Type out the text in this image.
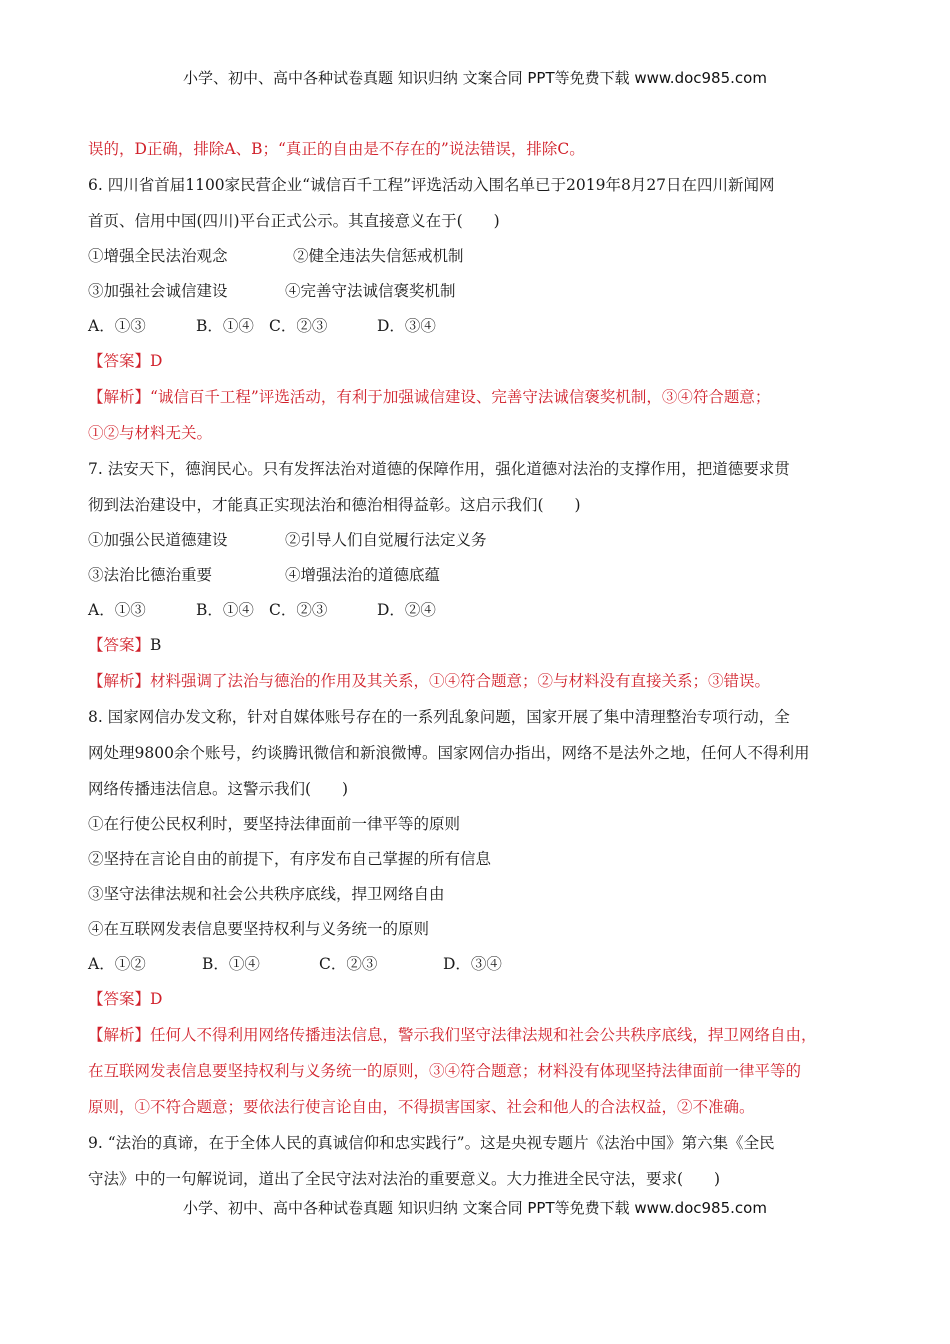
小学、初中、高中各种试卷真题 知识归纳 文案合同 PPT等免费下载 www.doc985.com
误的，D正确，排除A、B；“真正的自由是不存在的”说法错误，排除C。
6. 四川省首届1100家民营企业“诚信百千工程”评选活动入围名单已于2019年8月27日在四川新闻网
首页、信用中国(四川)平台正式公示。其直接意义在于(　　)
①增强全民法治观念	②健全违法失信惩戒机制
③加强社会诚信建设	④完善守法诚信褒奖机制
A．①③	B．①④ C．②③	D．③④
【答案】D
【解析】“诚信百千工程”评选活动，有利于加强诚信建设、完善守法诚信褒奖机制，③④符合题意；
①②与材料无关。
7. 法安天下，德润民心。只有发挥法治对道德的保障作用，强化道德对法治的支撑作用，把道德要求贯
彻到法治建设中，才能真正实现法治和德治相得益彰。这启示我们(　　)
①加强公民道德建设	②引导人们自觉履行法定义务
③法治比德治重要	④增强法治的道德底蕴
A．①③	B．①④ C．②③	D．②④
【答案】B
【解析】材料强调了法治与德治的作用及其关系，①④符合题意；②与材料没有直接关系；③错误。
8. 国家网信办发文称，针对自媒体账号存在的一系列乱象问题，国家开展了集中清理整治专项行动，全
网处理9800余个账号，约谈腾讯微信和新浪微博。国家网信办指出，网络不是法外之地，任何人不得利用
网络传播违法信息。这警示我们(　　)
①在行使公民权利时，要坚持法律面前一律平等的原则
②坚持在言论自由的前提下，有序发布自己掌握的所有信息
③坚守法律法规和社会公共秩序底线，捍卫网络自由
④在互联网发表信息要坚持权利与义务统一的原则
A．①②	B．①④	C．②③	D．③④
【答案】D
【解析】任何人不得利用网络传播违法信息，警示我们坚守法律法规和社会公共秩序底线，捍卫网络自由，
在互联网发表信息要坚持权利与义务统一的原则，③④符合题意；材料没有体现坚持法律面前一律平等的
原则，①不符合题意；要依法行使言论自由，不得损害国家、社会和他人的合法权益，②不准确。
9. “法治的真谛，在于全体人民的真诚信仰和忠实践行”。这是央视专题片《法治中国》第六集《全民
守法》中的一句解说词，道出了全民守法对法治的重要意义。大力推进全民守法，要求(　　)
小学、初中、高中各种试卷真题 知识归纳 文案合同 PPT等免费下载 www.doc985.com
